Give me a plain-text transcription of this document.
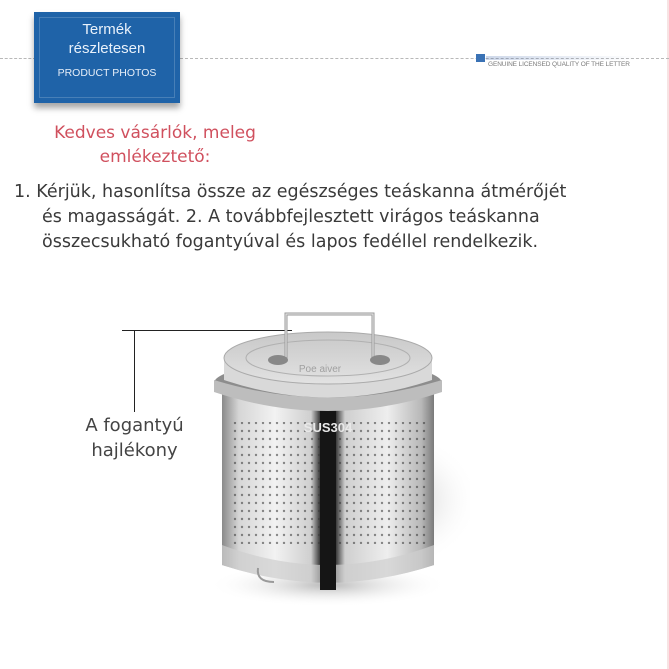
Termék
részletesen
PRODUCT PHOTOS
GENUINE LICENSED QUALITY OF THE LETTER
Kedves vásárlók, meleg
emlékeztető:
1. Kérjük, hasonlítsa össze az egészséges teáskanna átmérőjét
és magasságát. 2. A továbbfejlesztett virágos teáskanna
összecsukható fogantyúval és lapos fedéllel rendelkezik.
A fogantyú
hajlékony
SUS304
Poe aiver
